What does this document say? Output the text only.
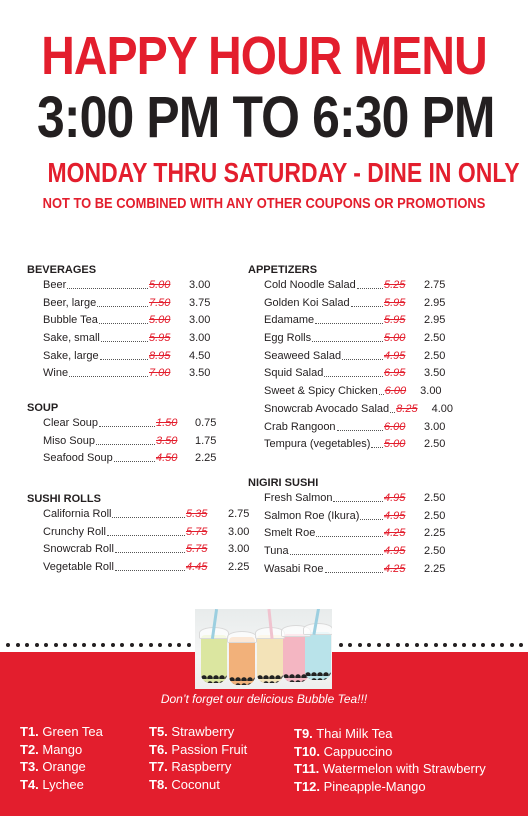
HAPPY HOUR MENU
3:00 PM TO 6:30 PM
MONDAY THRU SATURDAY - DINE IN ONLY
NOT TO BE COMBINED WITH ANY OTHER COUPONS OR PROMOTIONS
BEVERAGES
Beer	5.00 3.00
Beer, large	7.50 3.75
Bubble Tea	5.00 3.00
Sake, small	5.95 3.00
Sake, large	8.95 4.50
Wine	7.00 3.50
SOUP
Clear Soup	1.50 0.75
Miso Soup	3.50 1.75
Seafood Soup	4.50 2.25
SUSHI ROLLS
California Roll	5.35 2.75
Crunchy Roll	5.75 3.00
Snowcrab Roll	5.75 3.00
Vegetable Roll	4.45 2.25
APPETIZERS
Cold Noodle Salad	5.25 2.75
Golden Koi Salad	5.95 2.95
Edamame	5.95 2.95
Egg Rolls	5.00 2.50
Seaweed Salad	4.95 2.50
Squid Salad	6.95 3.50
Sweet & Spicy Chicken 6.00 3.00
Snowcrab Avocado Salad 8.25 4.00
Crab Rangoon	6.00 3.00
Tempura (vegetables) 5.00 2.50
NIGIRI SUSHI
Fresh Salmon	4.95 2.50
Salmon Roe (Ikura) 4.95 2.50
Smelt Roe	4.25 2.25
Tuna	4.95 2.50
Wasabi Roe	4.25 2.25
Don’t forget our delicious Bubble Tea!!!
T1. Green Tea
T2. Mango
T3. Orange
T4. Lychee
T5. Strawberry
T6. Passion Fruit
T7. Raspberry
T8. Coconut
T9. Thai Milk Tea
T10. Cappuccino
T11. Watermelon with Strawberry
T12. Pineapple-Mango
